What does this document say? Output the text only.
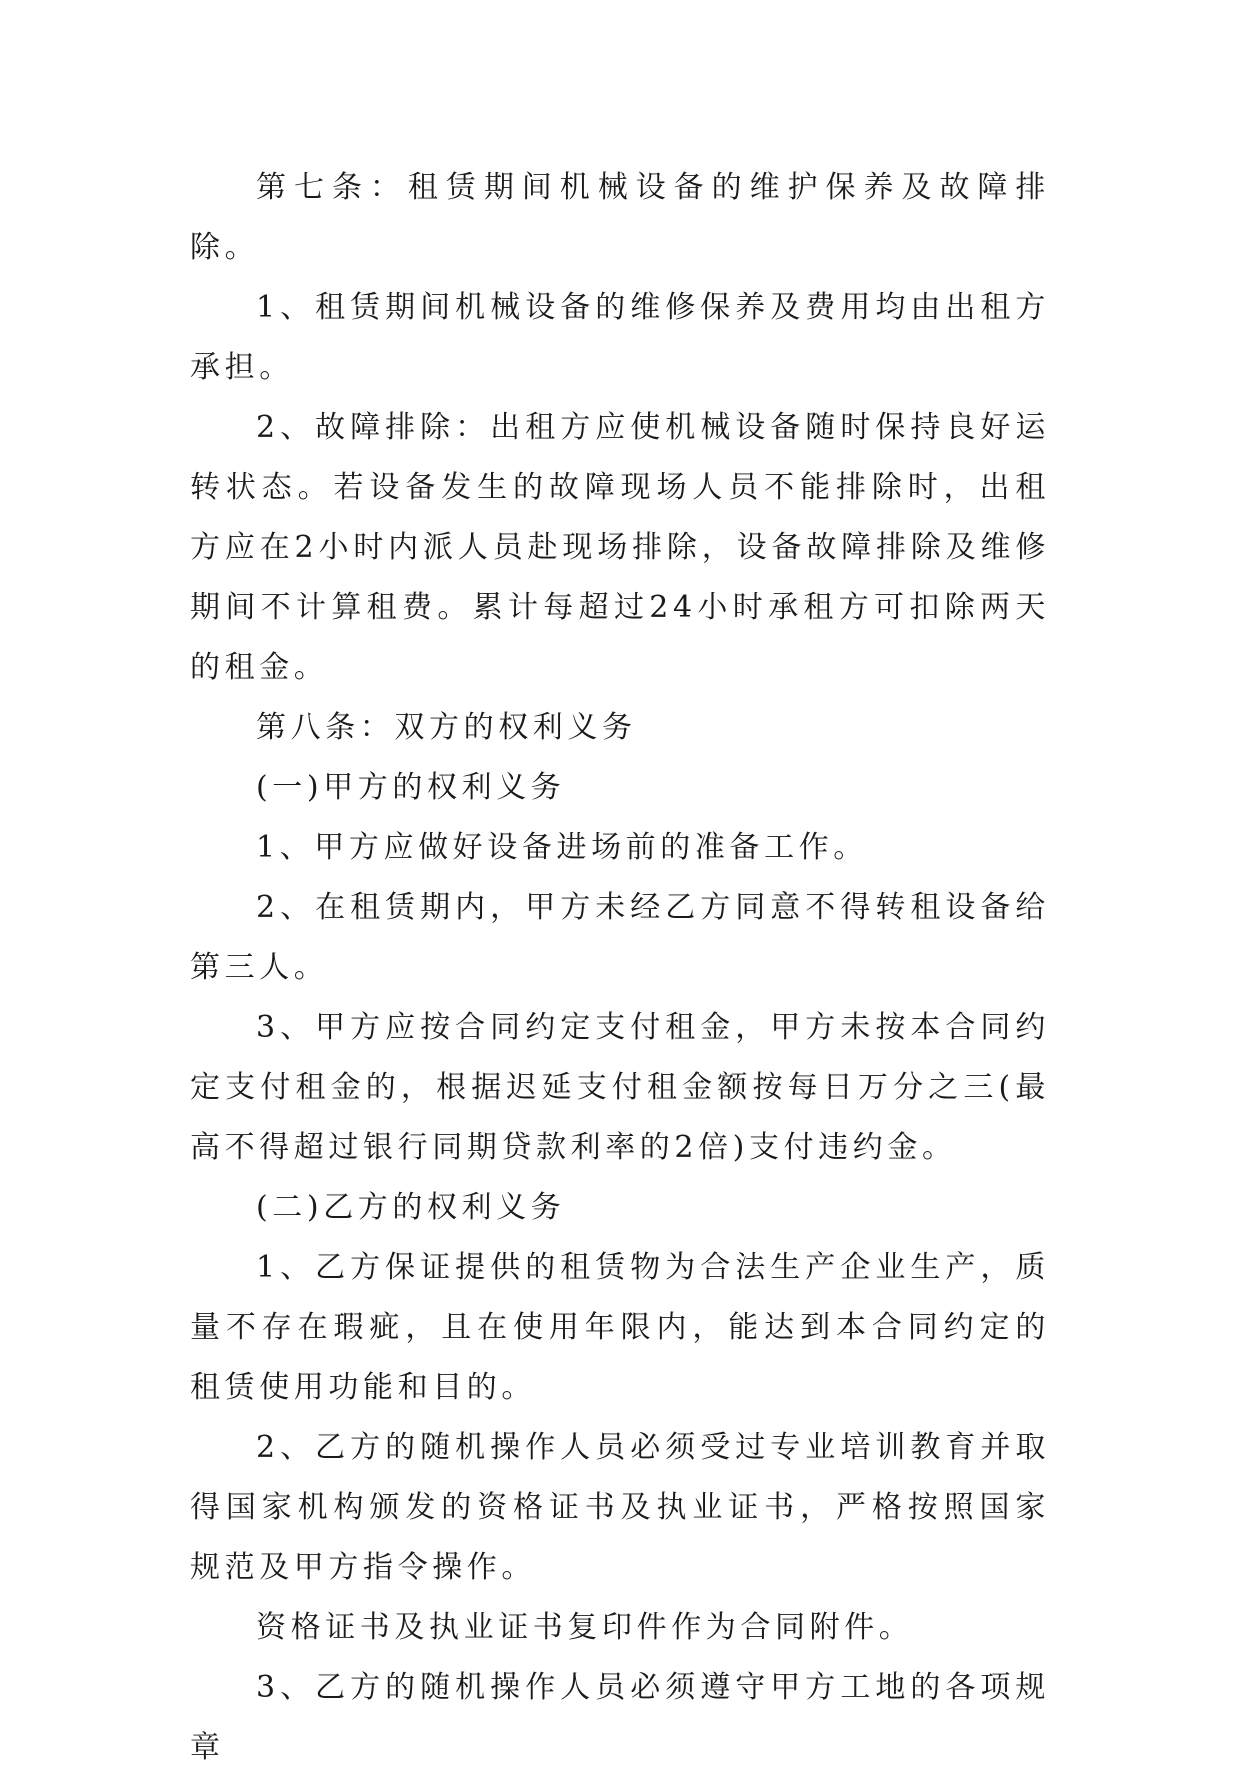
第七条：租赁期间机械设备的维护保养及故障排除。

1、租赁期间机械设备的维修保养及费用均由出租方承担。

2、故障排除：出租方应使机械设备随时保持良好运转状态。若设备发生的故障现场人员不能排除时，出租方应在2小时内派人员赴现场排除，设备故障排除及维修期间不计算租费。累计每超过24小时承租方可扣除两天的租金。

第八条：双方的权利义务

(一)甲方的权利义务

1、甲方应做好设备进场前的准备工作。

2、在租赁期内，甲方未经乙方同意不得转租设备给第三人。

3、甲方应按合同约定支付租金，甲方未按本合同约定支付租金的，根据迟延支付租金额按每日万分之三(最高不得超过银行同期贷款利率的2倍)支付违约金。

(二)乙方的权利义务

1、乙方保证提供的租赁物为合法生产企业生产，质量不存在瑕疵，且在使用年限内，能达到本合同约定的租赁使用功能和目的。

2、乙方的随机操作人员必须受过专业培训教育并取得国家机构颁发的资格证书及执业证书，严格按照国家规范及甲方指令操作。

资格证书及执业证书复印件作为合同附件。

3、乙方的随机操作人员必须遵守甲方工地的各项规章
